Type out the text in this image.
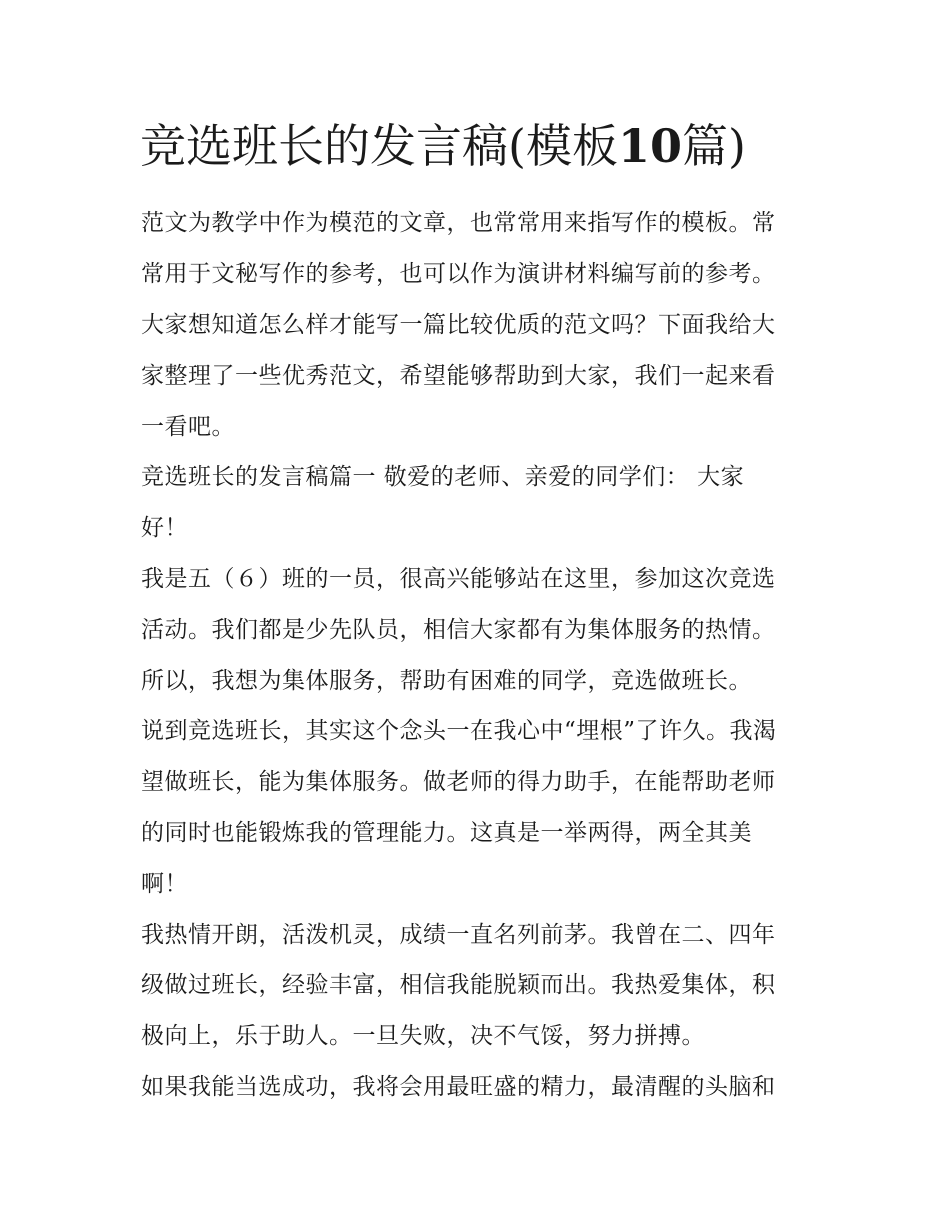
竞选班长的发言稿(模板10篇)

范文为教学中作为模范的文章，也常常用来指写作的模板。常

常用于文秘写作的参考，也可以作为演讲材料编写前的参考。

大家想知道怎么样才能写一篇比较优质的范文吗？下面我给大

家整理了一些优秀范文，希望能够帮助到大家，我们一起来看

一看吧。

竞选班长的发言稿篇一 敬爱的老师、亲爱的同学们： 大家

好！

我是五（６）班的一员，很高兴能够站在这里，参加这次竞选

活动。我们都是少先队员，相信大家都有为集体服务的热情。

所以，我想为集体服务，帮助有困难的同学，竞选做班长。

说到竞选班长，其实这个念头一在我心中“埋根”了许久。我渴

望做班长，能为集体服务。做老师的得力助手，在能帮助老师

的同时也能锻炼我的管理能力。这真是一举两得，两全其美

啊！

我热情开朗，活泼机灵，成绩一直名列前茅。我曾在二、四年

级做过班长，经验丰富，相信我能脱颖而出。我热爱集体，积

极向上，乐于助人。一旦失败，决不气馁，努力拼搏。

如果我能当选成功，我将会用最旺盛的精力，最清醒的头脑和
